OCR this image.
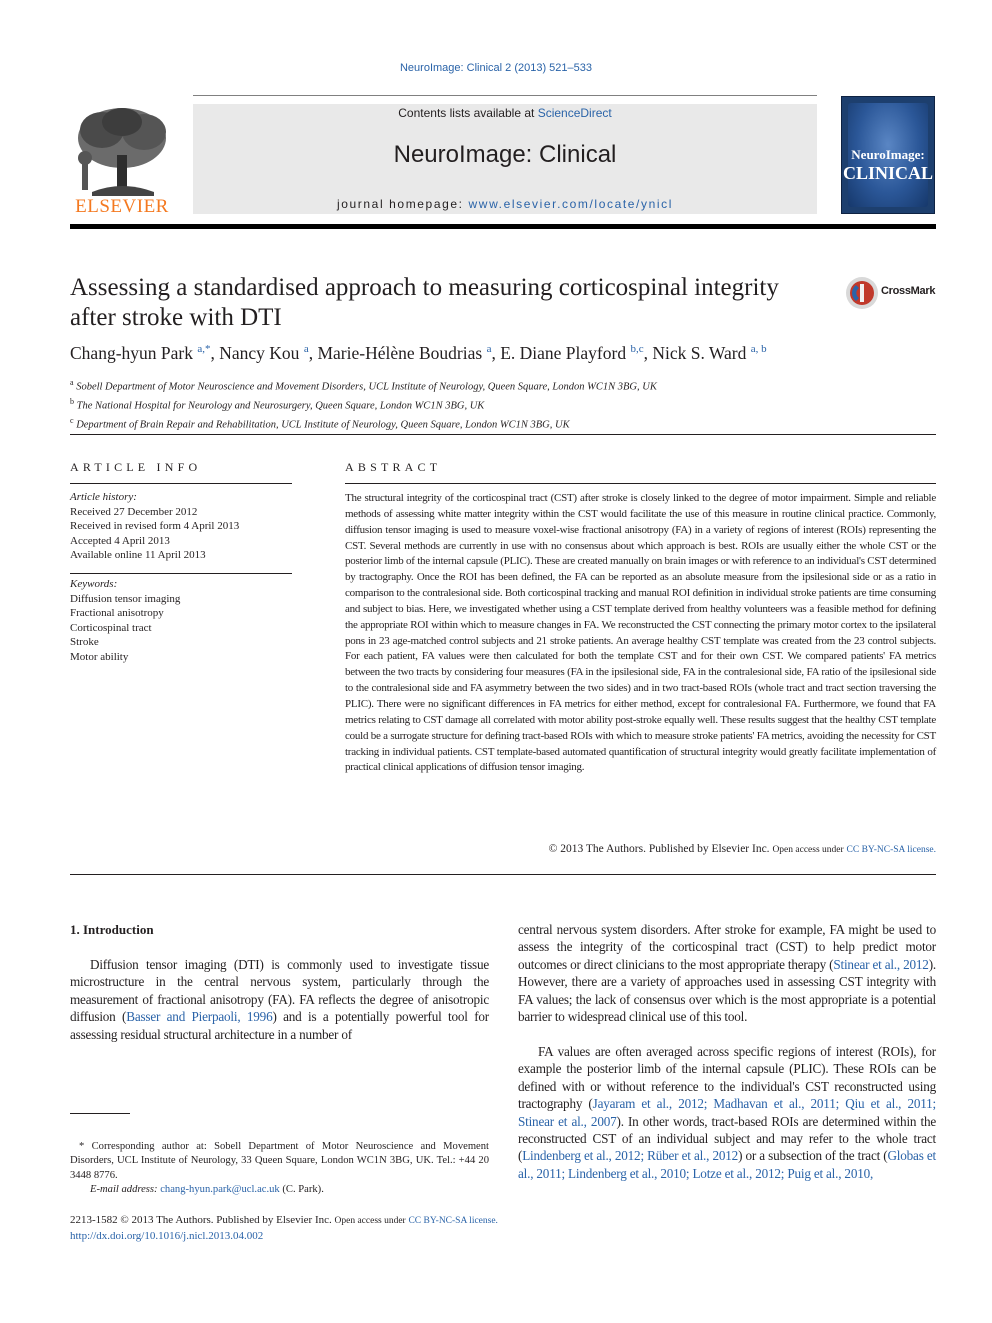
NeuroImage: Clinical 2 (2013) 521–533
ELSEVIER
Contents lists available at ScienceDirect
NeuroImage: Clinical
journal homepage: www.elsevier.com/locate/ynicl
NeuroImage:
CLINICAL
Assessing a standardised approach to measuring corticospinal integrity
after stroke with DTI
CrossMark
Chang-hyun Park $^{a,*}$, Nancy Kou $^a$, Marie-Hélène Boudrias $^a$, E. Diane Playford $^{b,c}$, Nick S. Ward $^{a, b}$
$^a$ Sobell Department of Motor Neuroscience and Movement Disorders, UCL Institute of Neurology, Queen Square, London WC1N 3BG, UK
$^b$ The National Hospital for Neurology and Neurosurgery, Queen Square, London WC1N 3BG, UK
$^c$ Department of Brain Repair and Rehabilitation, UCL Institute of Neurology, Queen Square, London WC1N 3BG, UK
ARTICLE INFO
Article history:
Received 27 December 2012
Received in revised form 4 April 2013
Accepted 4 April 2013
Available online 11 April 2013
Keywords:
Diffusion tensor imaging
Fractional anisotropy
Corticospinal tract
Stroke
Motor ability
ABSTRACT
The structural integrity of the corticospinal tract (CST) after stroke is closely linked to the degree of motor impairment. Simple and reliable methods of assessing white matter integrity within the CST would facilitate the use of this measure in routine clinical practice. Commonly, diffusion tensor imaging is used to measure voxel-wise fractional anisotropy (FA) in a variety of regions of interest (ROIs) representing the CST. Several methods are currently in use with no consensus about which approach is best. ROIs are usually either the whole CST or the posterior limb of the internal capsule (PLIC). These are created manually on brain images or with reference to an individual's CST determined by tractography. Once the ROI has been defined, the FA can be reported as an absolute measure from the ipsilesional side or as a ratio in comparison to the contralesional side. Both corticospinal tracking and manual ROI definition in individual stroke patients are time consuming and subject to bias. Here, we investigated whether using a CST template derived from healthy volunteers was a feasible method for defining the appropriate ROI within which to measure changes in FA. We reconstructed the CST connecting the primary motor cortex to the ipsilateral pons in 23 age-matched control subjects and 21 stroke patients. An average healthy CST template was created from the 23 control subjects. For each patient, FA values were then calculated for both the template CST and for their own CST. We compared patients' FA metrics between the two tracts by considering four measures (FA in the ipsilesional side, FA in the contralesional side, FA ratio of the ipsilesional side to the contralesional side and FA asymmetry between the two sides) and in two tract-based ROIs (whole tract and tract section traversing the PLIC). There were no significant differences in FA metrics for either method, except for contralesional FA. Furthermore, we found that FA metrics relating to CST damage all correlated with motor ability post-stroke equally well. These results suggest that the healthy CST template could be a surrogate structure for defining tract-based ROIs with which to measure stroke patients' FA metrics, avoiding the necessity for CST tracking in individual patients. CST template-based automated quantification of structural integrity would greatly facilitate implementation of practical clinical applications of diffusion tensor imaging.
© 2013 The Authors. Published by Elsevier Inc. Open access under CC BY-NC-SA license.
1. Introduction
Diffusion tensor imaging (DTI) is commonly used to investigate tissue microstructure in the central nervous system, particularly through the measurement of fractional anisotropy (FA). FA reflects the degree of anisotropic diffusion (Basser and Pierpaoli, 1996) and is a potentially powerful tool for assessing residual structural architecture in a number of
central nervous system disorders. After stroke for example, FA might be used to assess the integrity of the corticospinal tract (CST) to help predict motor outcomes or direct clinicians to the most appropriate therapy (Stinear et al., 2012). However, there are a variety of approaches used in assessing CST integrity with FA values; the lack of consensus over which is the most appropriate is a potential barrier to widespread clinical use of this tool.
FA values are often averaged across specific regions of interest (ROIs), for example the posterior limb of the internal capsule (PLIC). These ROIs can be defined with or without reference to the individual's CST reconstructed using tractography (Jayaram et al., 2012; Madhavan et al., 2011; Qiu et al., 2011; Stinear et al., 2007). In other words, tract-based ROIs are determined within the reconstructed CST of an individual subject and may refer to the whole tract (Lindenberg et al., 2012; Rüber et al., 2012) or a subsection of the tract (Globas et al., 2011; Lindenberg et al., 2010; Lotze et al., 2012; Puig et al., 2010,
* Corresponding author at: Sobell Department of Motor Neuroscience and Movement Disorders, UCL Institute of Neurology, 33 Queen Square, London WC1N 3BG, UK. Tel.: +44 20 3448 8776.
E-mail address: chang-hyun.park@ucl.ac.uk (C. Park).
2213-1582 © 2013 The Authors. Published by Elsevier Inc. Open access under CC BY-NC-SA license.
http://dx.doi.org/10.1016/j.nicl.2013.04.002
